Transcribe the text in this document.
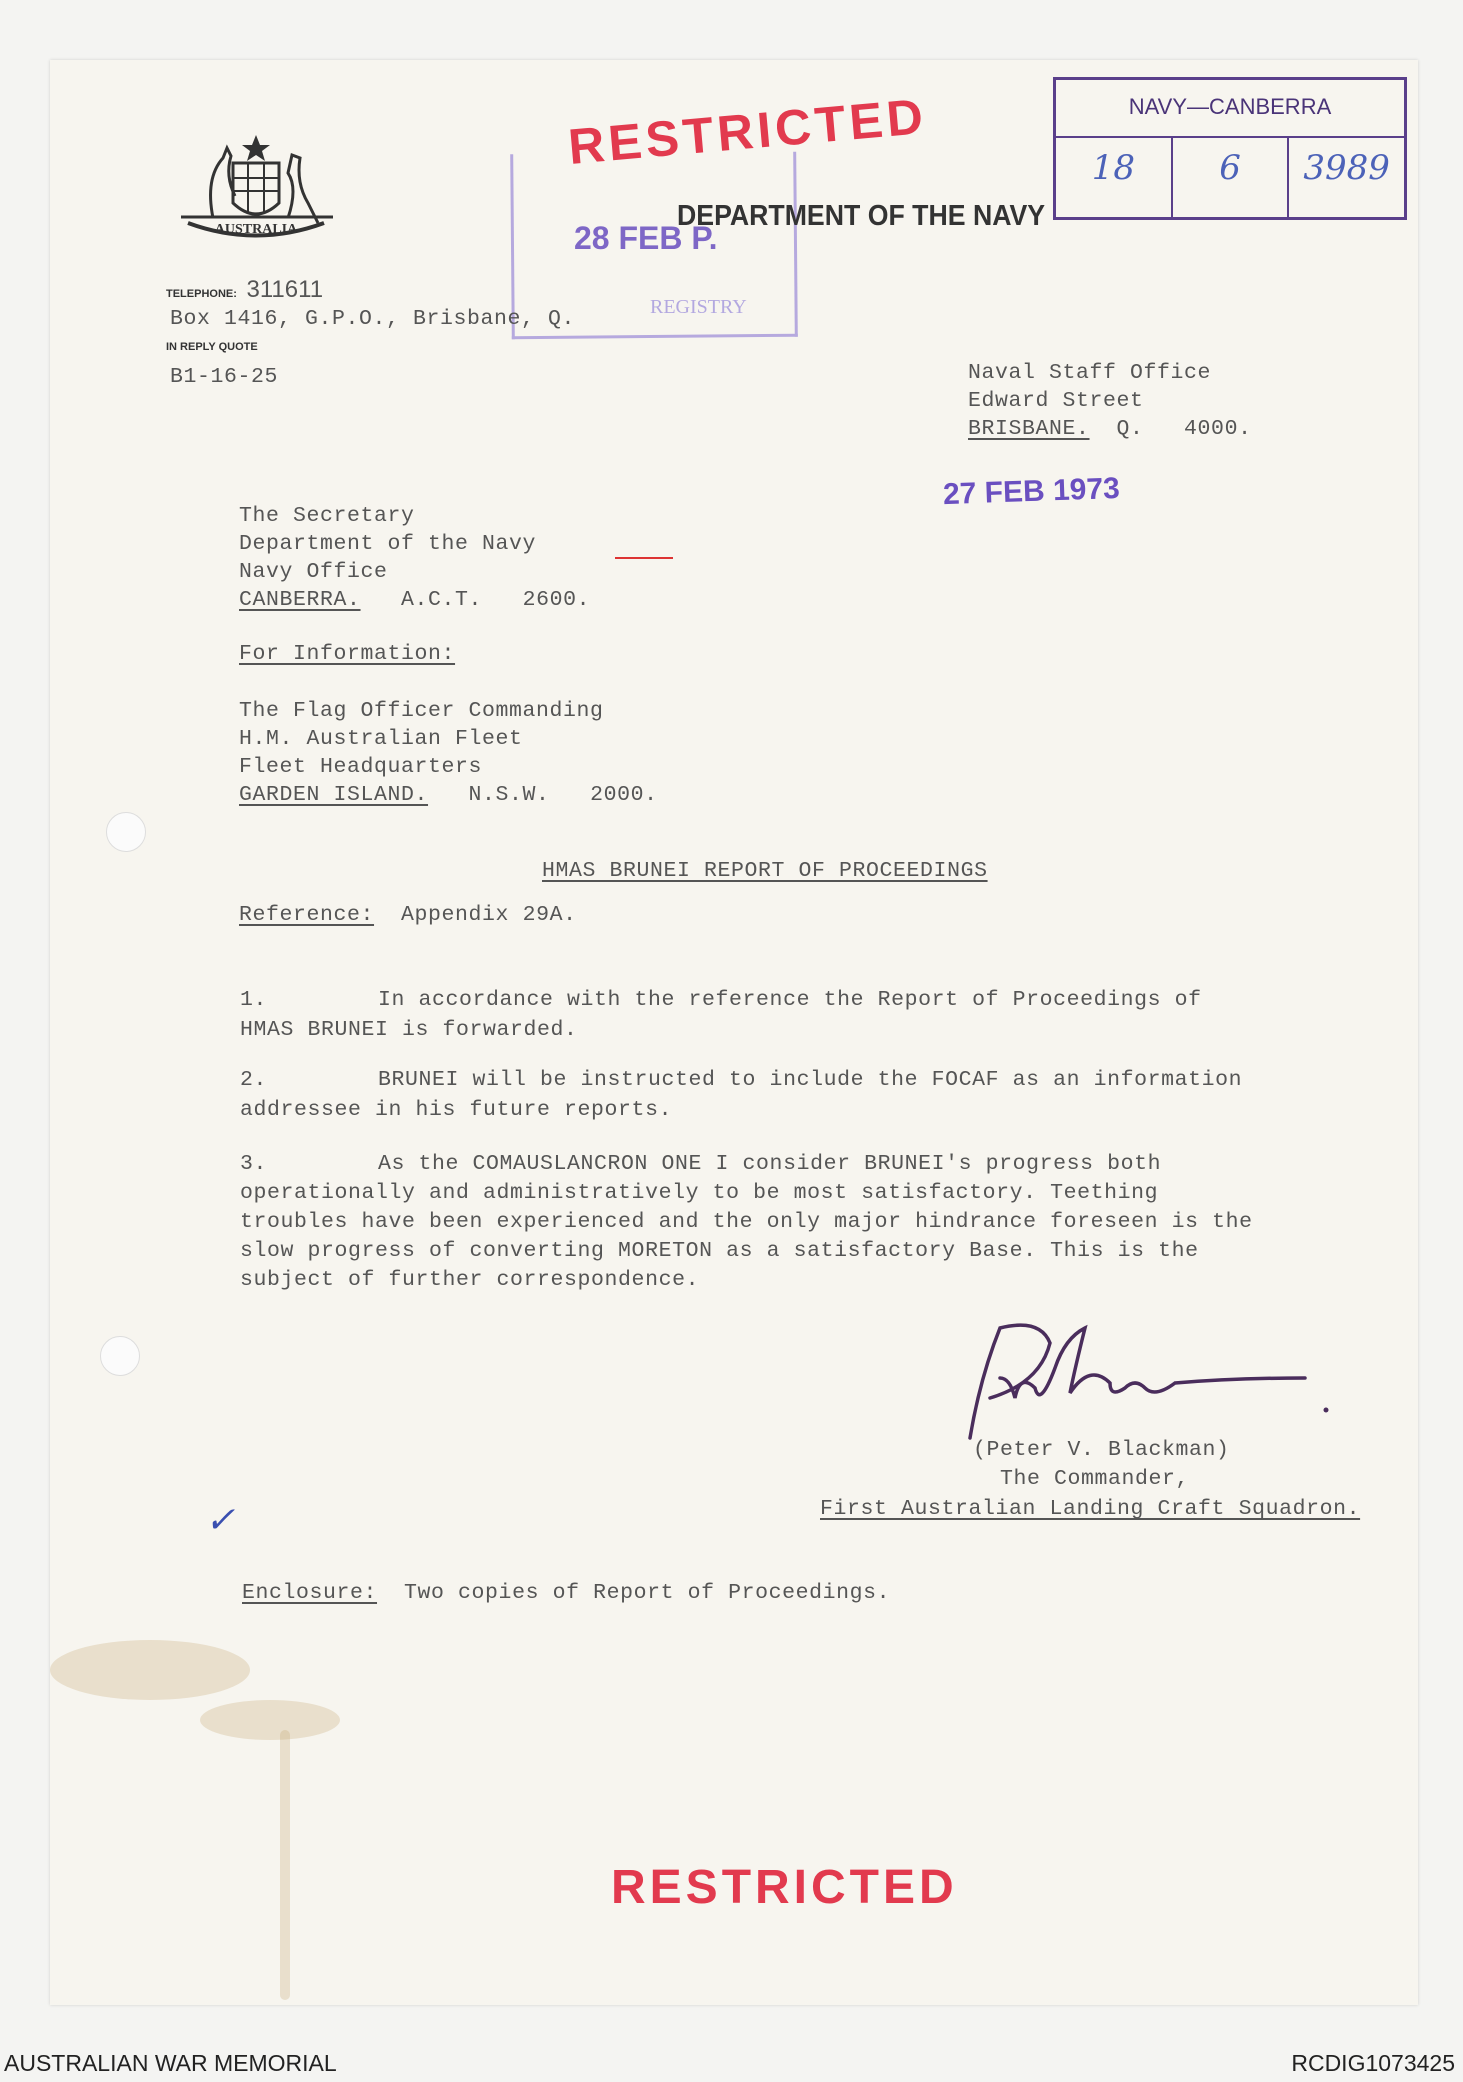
AUSTRALIA
RESTRICTED
28 FEB P.
REGISTRY
DEPARTMENT OF THE NAVY
NAVY—CANBERRA
18	6	3989
TELEPHONE: 311611
Box 1416, G.P.O., Brisbane, Q.
IN REPLY QUOTE
B1-16-25	Naval Staff Office
Edward Street
BRISBANE. Q.   4000.
27 FEB 1973
The Secretary
Department of the Navy
Navy Office
CANBERRA. A.C.T.   2600.
For Information:
The Flag Officer Commanding
H.M. Australian Fleet
Fleet Headquarters
GARDEN ISLAND. N.S.W.   2000.
HMAS BRUNEI REPORT OF PROCEEDINGS
Reference: Appendix 29A.
1.	In accordance with the reference the Report of Proceedings of
HMAS BRUNEI is forwarded.
2.	BRUNEI will be instructed to include the FOCAF as an information
addressee in his future reports.
3.	As the COMAUSLANCRON ONE I consider BRUNEI's progress both
operationally and administratively to be most satisfactory. Teething
troubles have been experienced and the only major hindrance foreseen is the
slow progress of converting MORETON as a satisfactory Base. This is the
subject of further correspondence.
(Peter V. Blackman)
The Commander,
First Australian Landing Craft Squadron.
✓
Enclosure: Two copies of Report of Proceedings.
RESTRICTED
AUSTRALIAN WAR MEMORIAL	RCDIG1073425
